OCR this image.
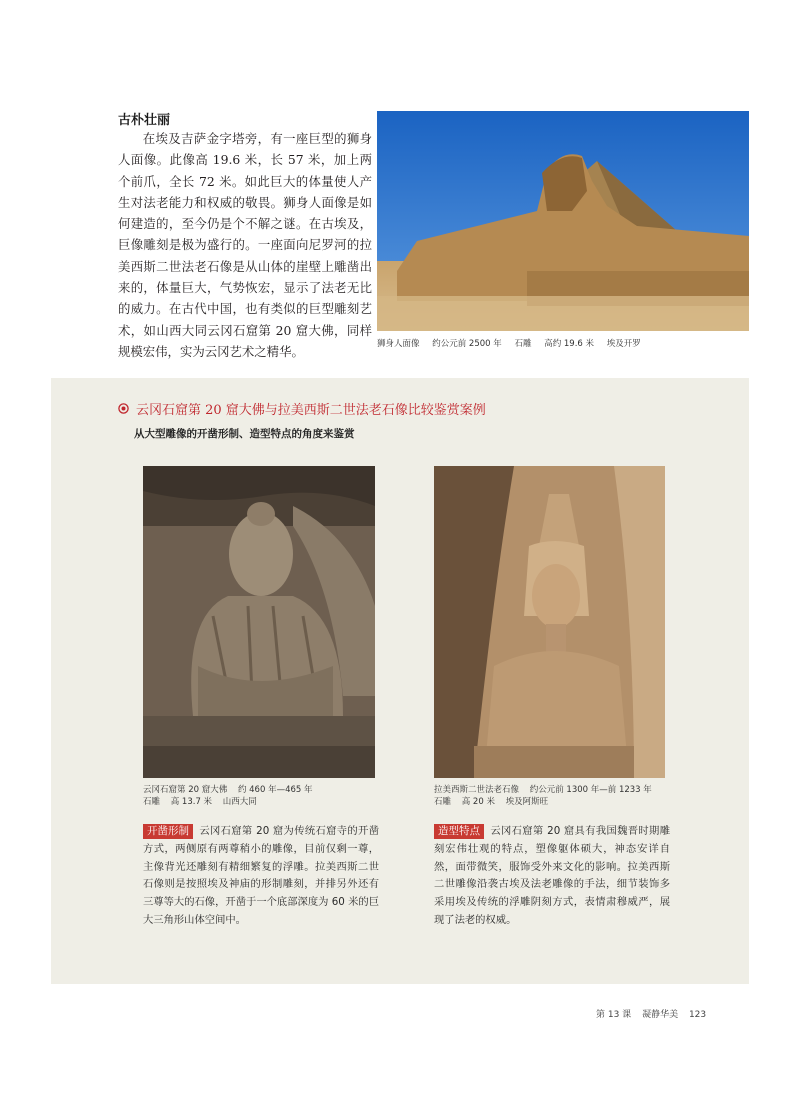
古朴壮丽
在埃及吉萨金字塔旁，有一座巨型的狮身人面像。此像高 19.6 米，长 57 米，加上两个前爪，全长 72 米。如此巨大的体量使人产生对法老能力和权威的敬畏。狮身人面像是如何建造的，至今仍是个不解之谜。在古埃及，巨像雕刻是极为盛行的。一座面向尼罗河的拉美西斯二世法老石像是从山体的崖壁上雕凿出来的，体量巨大，气势恢宏，显示了法老无比的威力。在古代中国，也有类似的巨型雕刻艺术，如山西大同云冈石窟第 20 窟大佛，同样规模宏伟，实为云冈艺术之精华。	狮身人面像 约公元前 2500 年 石雕 高约 19.6 米 埃及开罗
云冈石窟第 20 窟大佛与拉美西斯二世法老石像比较鉴赏案例
从大型雕像的开凿形制、造型特点的角度来鉴赏
云冈石窟第 20 窟大佛 约 460 年—465 年
石雕 高 13.7 米 山西大同
拉美西斯二世法老石像 约公元前 1300 年—前 1233 年
石雕 高 20 米 埃及阿斯旺
开凿形制 云冈石窟第 20 窟为传统石窟寺的开凿方式，两侧原有两尊稍小的雕像，目前仅剩一尊，主像背光还雕刻有精细繁复的浮雕。拉美西斯二世石像则是按照埃及神庙的形制雕刻，并排另外还有三尊等大的石像，开凿于一个底部深度为 60 米的巨大三角形山体空间中。
造型特点 云冈石窟第 20 窟具有我国魏晋时期雕刻宏伟壮观的特点，塑像躯体硕大，神态安详自然，面带微笑，服饰受外来文化的影响。拉美西斯二世雕像沿袭古埃及法老雕像的手法，细节装饰多采用埃及传统的浮雕阴刻方式，表情肃穆威严，展现了法老的权威。
第 13 课 凝静华美 123
